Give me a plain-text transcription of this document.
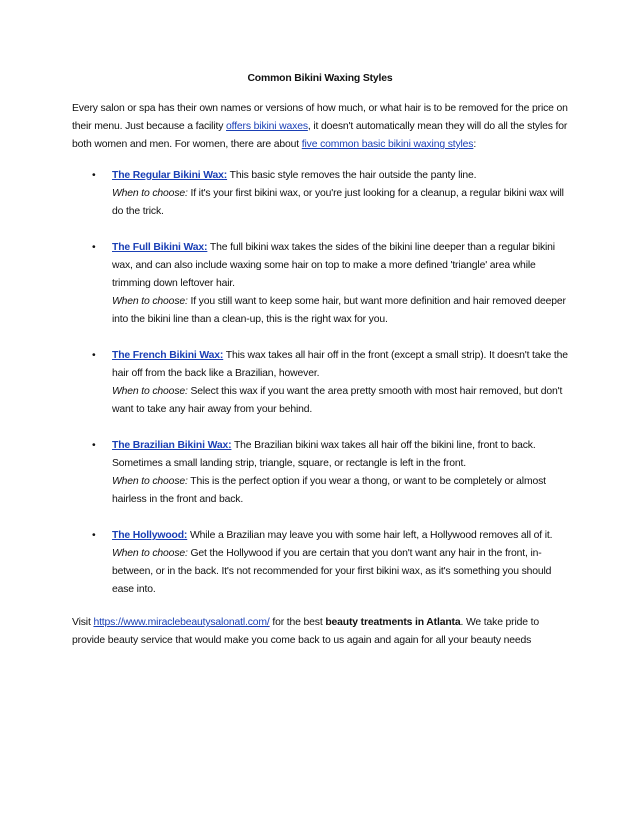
Common Bikini Waxing Styles

Every salon or spa has their own names or versions of how much, or what hair is to be removed for the price on their menu. Just because a facility offers bikini waxes, it doesn't automatically mean they will do all the styles for both women and men. For women, there are about five common basic bikini waxing styles:

• The Regular Bikini Wax: This basic style removes the hair outside the panty line.
When to choose: If it's your first bikini wax, or you're just looking for a cleanup, a regular bikini wax will do the trick.
• The Full Bikini Wax: The full bikini wax takes the sides of the bikini line deeper than a regular bikini wax, and can also include waxing some hair on top to make a more defined 'triangle' area while trimming down leftover hair.
When to choose: If you still want to keep some hair, but want more definition and hair removed deeper into the bikini line than a clean-up, this is the right wax for you.
• The French Bikini Wax: This wax takes all hair off in the front (except a small strip). It doesn't take the hair off from the back like a Brazilian, however.
When to choose: Select this wax if you want the area pretty smooth with most hair removed, but don't want to take any hair away from your behind.
• The Brazilian Bikini Wax: The Brazilian bikini wax takes all hair off the bikini line, front to back. Sometimes a small landing strip, triangle, square, or rectangle is left in the front.
When to choose: This is the perfect option if you wear a thong, or want to be completely or almost hairless in the front and back.
• The Hollywood: While a Brazilian may leave you with some hair left, a Hollywood removes all of it.
When to choose: Get the Hollywood if you are certain that you don't want any hair in the front, in-between, or in the back. It's not recommended for your first bikini wax, as it's something you should ease into.

Visit https://www.miraclebeautysalonatl.com/ for the best beauty treatments in Atlanta. We take pride to provide beauty service that would make you come back to us again and again for all your beauty needs
